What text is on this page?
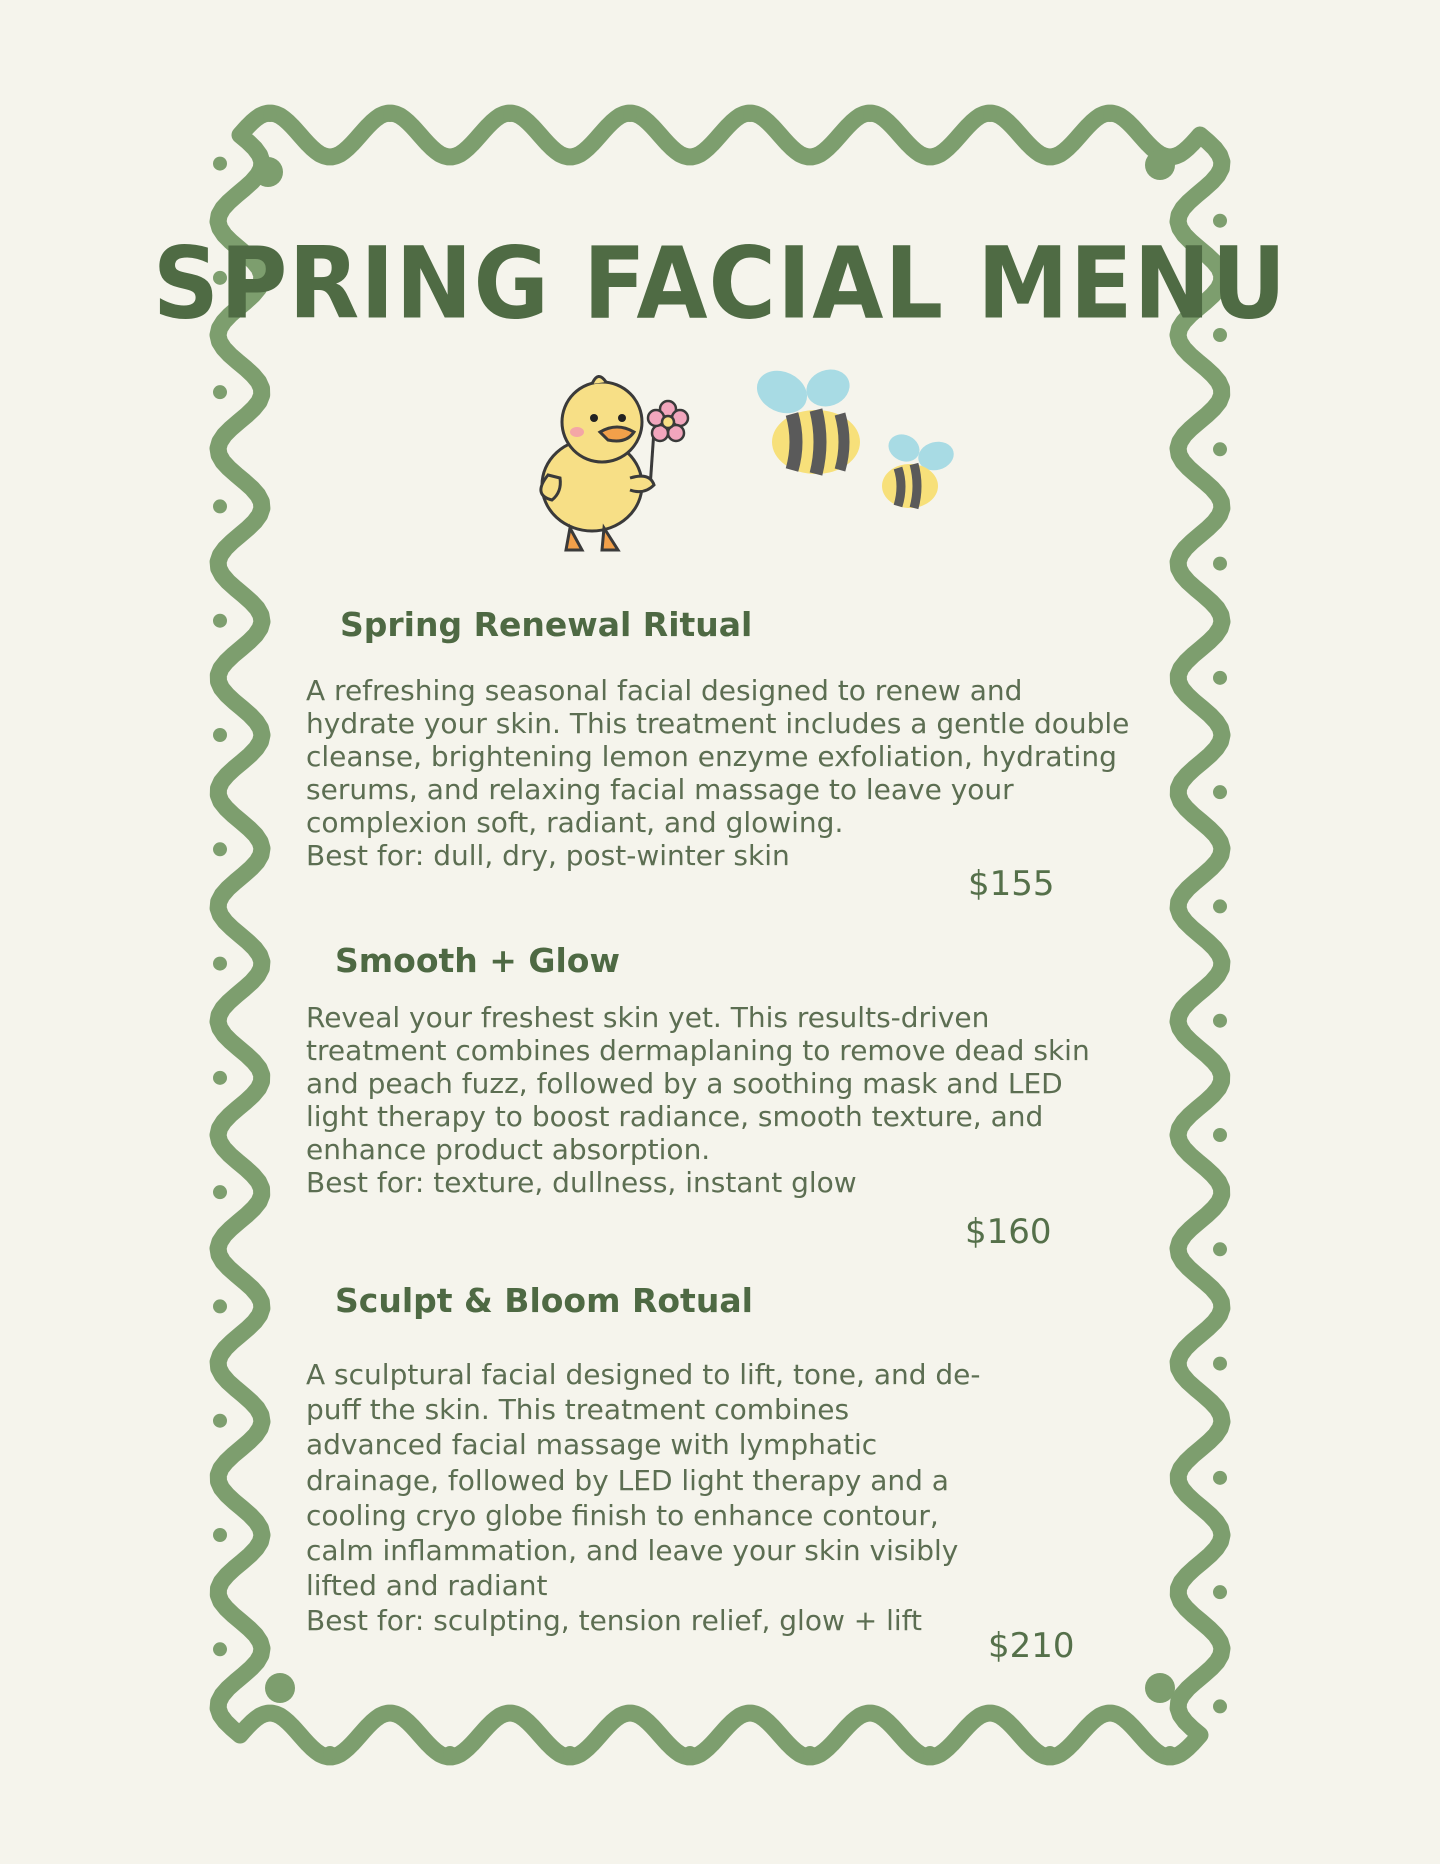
SPRING FACIAL MENU
Spring Renewal Ritual
A refreshing seasonal facial designed to renew and
hydrate your skin. This treatment includes a gentle double
cleanse, brightening lemon enzyme exfoliation, hydrating
serums, and relaxing facial massage to leave your
complexion soft, radiant, and glowing.
Best for: dull, dry, post-winter skin

$155

Smooth + Glow
Reveal your freshest skin yet. This results-driven
treatment combines dermaplaning to remove dead skin
and peach fuzz, followed by a soothing mask and LED
light therapy to boost radiance, smooth texture, and
enhance product absorption.
Best for: texture, dullness, instant glow

$160

Sculpt & Bloom Rotual
A sculptural facial designed to lift, tone, and de-
puff the skin. This treatment combines
advanced facial massage with lymphatic
drainage, followed by LED light therapy and a
cooling cryo globe finish to enhance contour,
calm inflammation, and leave your skin visibly
lifted and radiant
Best for: sculpting, tension relief, glow + lift

$210
